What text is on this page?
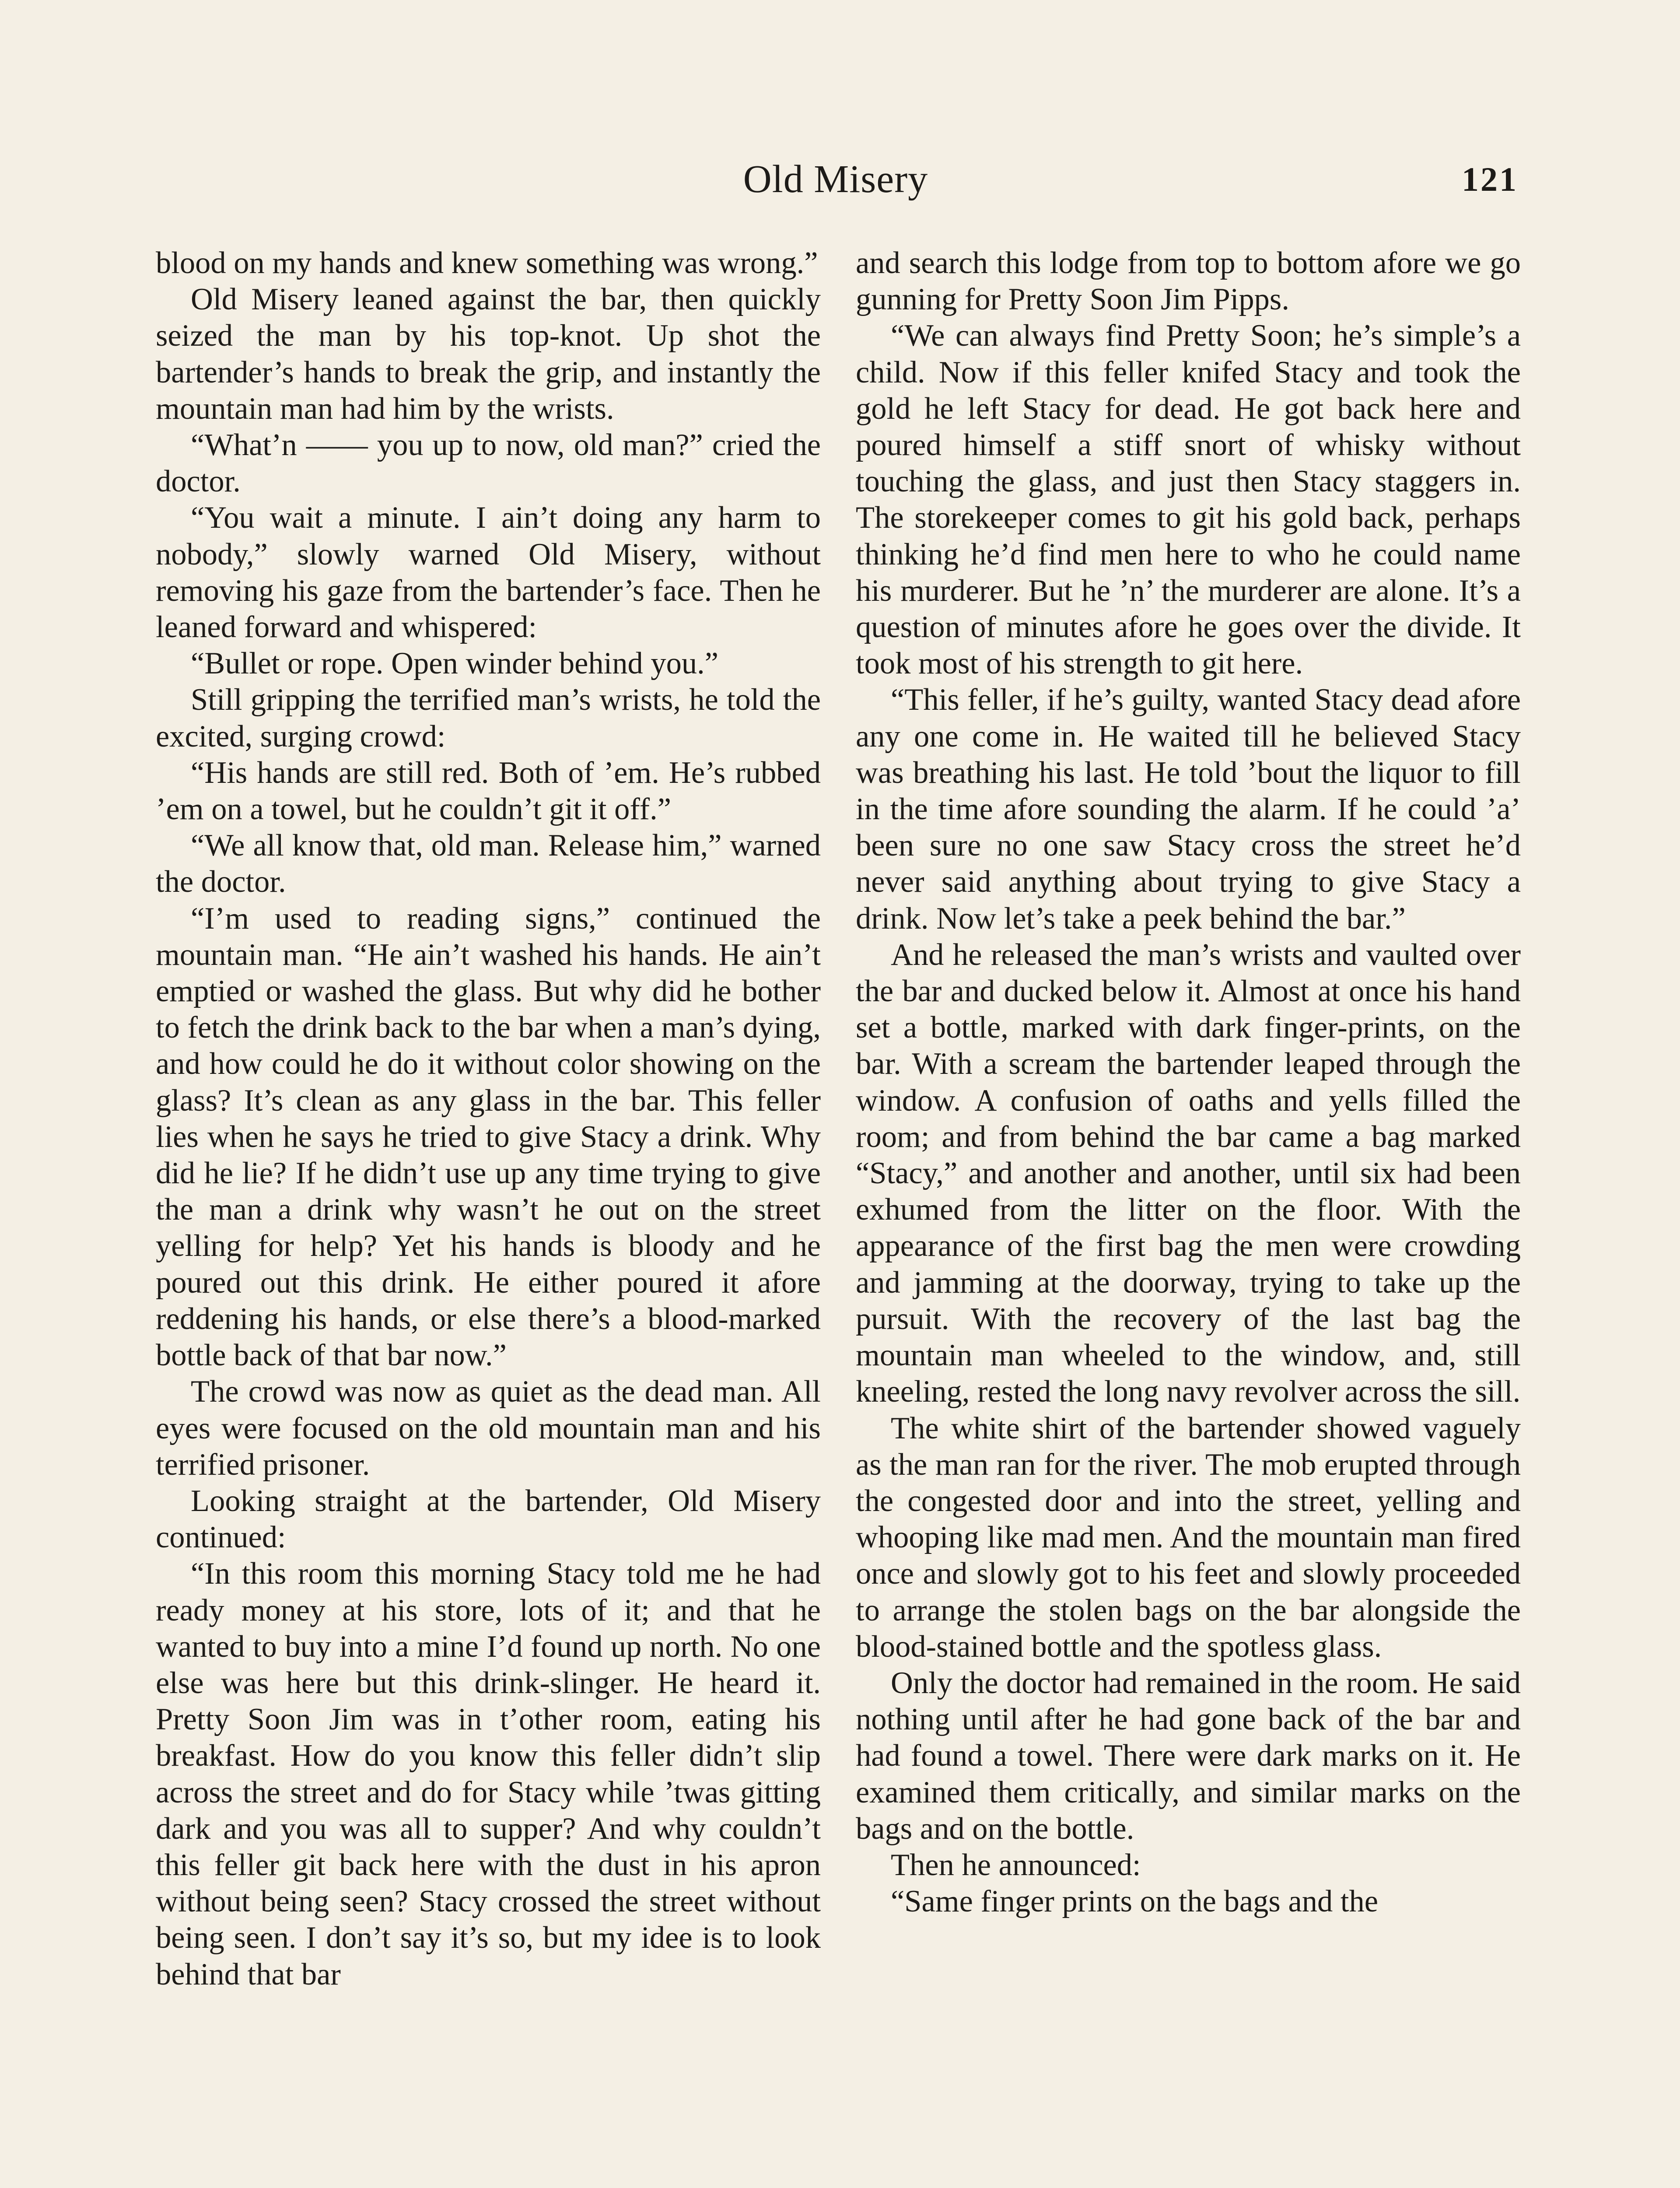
Old Misery	121

blood on my hands and knew something was wrong.”

Old Misery leaned against the bar, then quickly seized the man by his top-knot. Up shot the bartender’s hands to break the grip, and instantly the mountain man had him by the wrists.

“What’n —— you up to now, old man?” cried the doctor.

“You wait a minute. I ain’t doing any harm to nobody,” slowly warned Old Misery, without removing his gaze from the bartender’s face. Then he leaned forward and whispered:

“Bullet or rope. Open winder behind you.”

Still gripping the terrified man’s wrists, he told the excited, surging crowd:

“His hands are still red. Both of ’em. He’s rubbed ’em on a towel, but he couldn’t git it off.”

“We all know that, old man. Release him,” warned the doctor.

“I’m used to reading signs,” continued the mountain man. “He ain’t washed his hands. He ain’t emptied or washed the glass. But why did he bother to fetch the drink back to the bar when a man’s dying, and how could he do it without color showing on the glass? It’s clean as any glass in the bar. This feller lies when he says he tried to give Stacy a drink. Why did he lie? If he didn’t use up any time trying to give the man a drink why wasn’t he out on the street yelling for help? Yet his hands is bloody and he poured out this drink. He either poured it afore reddening his hands, or else there’s a blood-marked bottle back of that bar now.”

The crowd was now as quiet as the dead man. All eyes were focused on the old mountain man and his terrified prisoner.

Looking straight at the bartender, Old Misery continued:

“In this room this morning Stacy told me he had ready money at his store, lots of it; and that he wanted to buy into a mine I’d found up north. No one else was here but this drink-slinger. He heard it. Pretty Soon Jim was in t’other room, eating his breakfast. How do you know this feller didn’t slip across the street and do for Stacy while ’twas gitting dark and you was all to supper? And why couldn’t this feller git back here with the dust in his apron without being seen? Stacy crossed the street without being seen. I don’t say it’s so, but my idee is to look behind that bar

and search this lodge from top to bottom afore we go gunning for Pretty Soon Jim Pipps.

“We can always find Pretty Soon; he’s simple’s a child. Now if this feller knifed Stacy and took the gold he left Stacy for dead. He got back here and poured himself a stiff snort of whisky without touching the glass, and just then Stacy staggers in. The storekeeper comes to git his gold back, perhaps thinking he’d find men here to who he could name his murderer. But he ’n’ the murderer are alone. It’s a question of minutes afore he goes over the divide. It took most of his strength to git here.

“This feller, if he’s guilty, wanted Stacy dead afore any one come in. He waited till he believed Stacy was breathing his last. He told ’bout the liquor to fill in the time afore sounding the alarm. If he could ’a’ been sure no one saw Stacy cross the street he’d never said anything about trying to give Stacy a drink. Now let’s take a peek behind the bar.”

And he released the man’s wrists and vaulted over the bar and ducked below it. Almost at once his hand set a bottle, marked with dark finger-prints, on the bar. With a scream the bartender leaped through the window. A confusion of oaths and yells filled the room; and from behind the bar came a bag marked “Stacy,” and another and another, until six had been exhumed from the litter on the floor. With the appearance of the first bag the men were crowding and jamming at the doorway, trying to take up the pursuit. With the recovery of the last bag the mountain man wheeled to the window, and, still kneeling, rested the long navy revolver across the sill.

The white shirt of the bartender showed vaguely as the man ran for the river. The mob erupted through the congested door and into the street, yelling and whooping like mad men. And the mountain man fired once and slowly got to his feet and slowly proceeded to arrange the stolen bags on the bar alongside the blood-stained bottle and the spotless glass.

Only the doctor had remained in the room. He said nothing until after he had gone back of the bar and had found a towel. There were dark marks on it. He examined them critically, and similar marks on the bags and on the bottle.

Then he announced:

“Same finger prints on the bags and the
